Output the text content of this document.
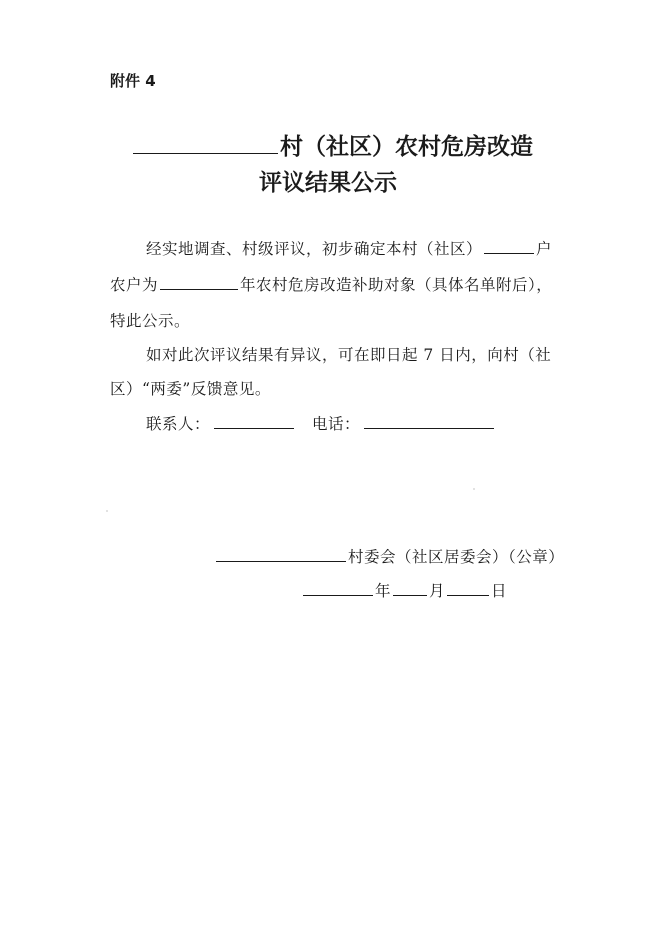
附件 4
村（社区）农村危房改造
评议结果公示
经实地调查、村级评议，初步确定本村（社区）	户
农户为	年农村危房改造补助对象（具体名单附后），
特此公示。
如对此次评议结果有异议，可在即日起 7 日内，向村（社
区）“两委”反馈意见。
联系人：	电话：
村委会（社区居委会）（公章）
年 月	日
